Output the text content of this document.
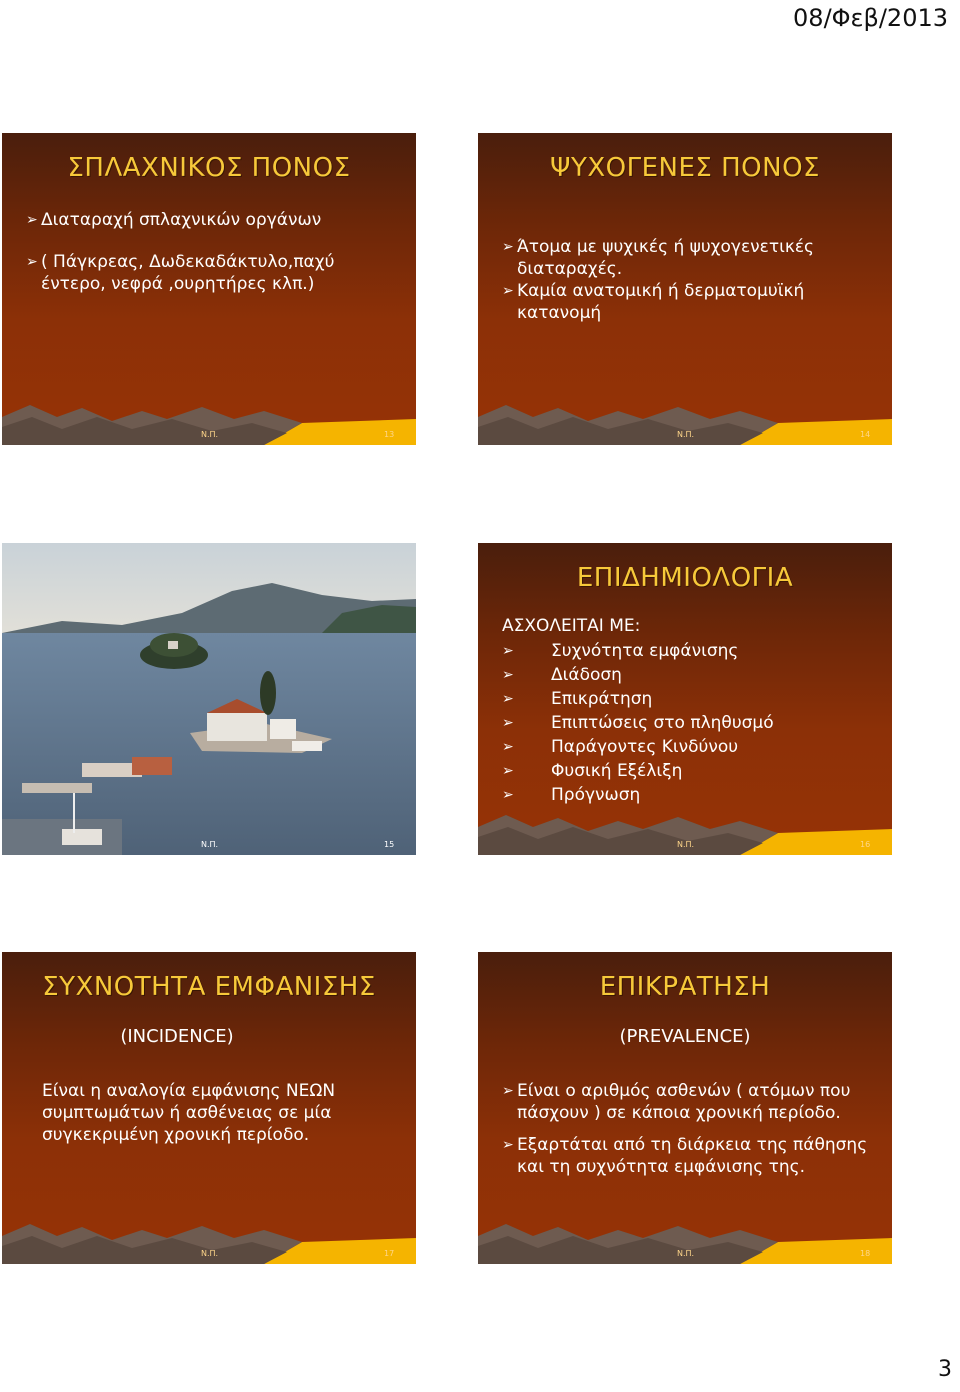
08/Φεβ/2013
ΣΠΛΑΧΝΙΚΟΣ ΠΟΝΟΣ
➢ Διαταραχή σπλαχνικών οργάνων
➢ ( Πάγκρεας, Δωδεκαδάκτυλο,παχύ έντερο, νεφρά ,ουρητήρες κλπ.)
Ν.Π.	13
ΨΥΧΟΓΕΝΕΣ ΠΟΝΟΣ
➢ Άτομα με ψυχικές ή ψυχογενετικές διαταραχές.
➢ Καμία ανατομική ή δερματομυϊκή κατανομή
Ν.Π.	14
Ν.Π.	15
ΕΠΙΔΗΜΙΟΛΟΓΙΑ

ΑΣΧΟΛΕΙΤΑΙ ΜΕ:

➢	Συχνότητα εμφάνισης
➢	Διάδοση
➢	Επικράτηση
➢	Επιπτώσεις στο πληθυσμό
➢	Παράγοντες Κινδύνου
➢	Φυσική Εξέλιξη
➢	Πρόγνωση
Ν.Π.	16
ΣΥΧΝΟΤΗΤΑ ΕΜΦΑΝΙΣΗΣ
(INCIDENCE)

Είναι η αναλογία εμφάνισης ΝΕΩΝ συμπτωμάτων ή ασθένειας σε μία συγκεκριμένη χρονική περίοδο.

Ν.Π.	17
ΕΠΙΚΡΑΤΗΣΗ
(PREVALENCE)
➢ Είναι ο αριθμός ασθενών ( ατόμων που πάσχουν ) σε κάποια χρονική περίοδο.
➢ Εξαρτάται από τη διάρκεια της πάθησης και τη συχνότητα εμφάνισης της.
Ν.Π.	18
3
